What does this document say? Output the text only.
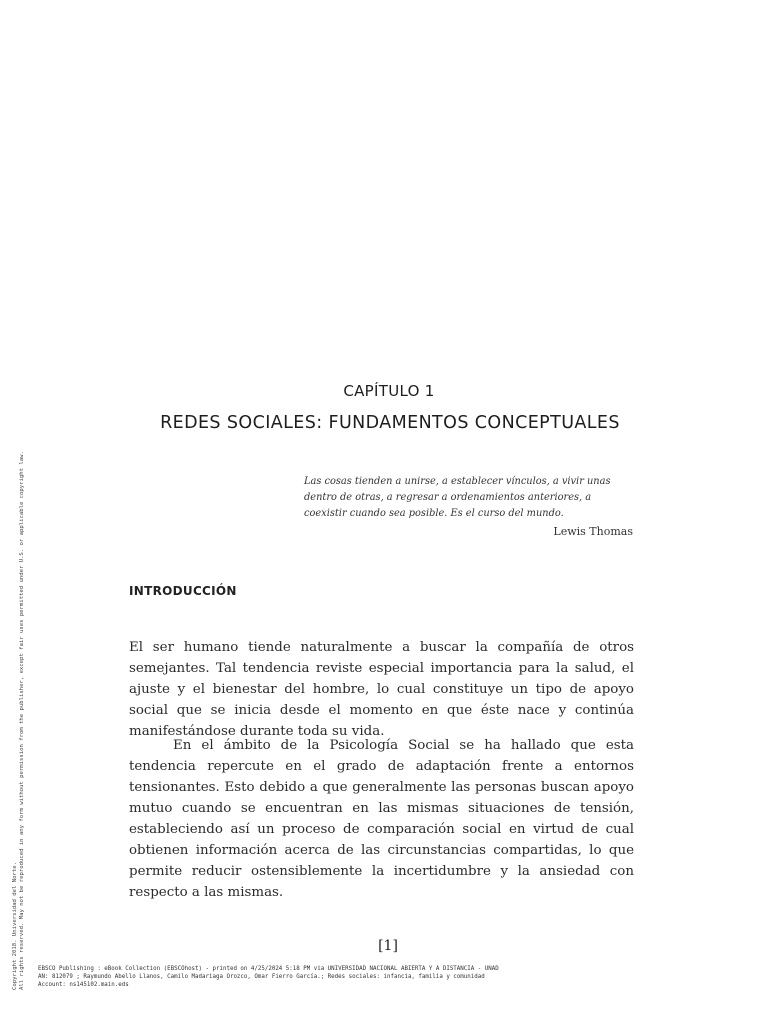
Copyright 2018. Universidad del Norte. All rights reserved. May not be reproduced in any form without permission from the publisher, except fair uses permitted under U.S. or applicable copyright law.
CAPÍTULO 1
REDES SOCIALES: FUNDAMENTOS CONCEPTUALES
Las cosas tienden a unirse, a establecer vínculos, a vivir unas dentro de otras, a regresar a ordenamientos anteriores, a coexistir cuando sea posible. Es el curso del mundo.
Lewis Thomas
INTRODUCCIÓN

El ser humano tiende naturalmente a buscar la compañía de otros semejantes. Tal tendencia reviste especial importancia para la salud, el ajuste y el bienestar del hombre, lo cual constituye un tipo de apoyo social que se inicia desde el momento en que éste nace y continúa manifestándose durante toda su vida.

En el ámbito de la Psicología Social se ha hallado que esta tendencia repercute en el grado de adaptación frente a entornos tensionantes. Esto debido a que generalmente las personas buscan apoyo mutuo cuando se encuentran en las mismas situaciones de tensión, estableciendo así un proceso de comparación social en virtud de cual obtienen información acerca de las circunstancias compartidas, lo que permite reducir ostensiblemente la incertidumbre y la ansiedad con respecto a las mismas.

[1]
EBSCO Publishing : eBook Collection (EBSCOhost) - printed on 4/25/2024 5:18 PM via UNIVERSIDAD NACIONAL ABIERTA Y A DISTANCIA - UNAD
AN: 812079 ; Raymundo Abello Llanos, Camilo Madariaga Orozco, Omar Fierro García.; Redes sociales: infancia, familia y comunidad
Account: ns145102.main.eds
